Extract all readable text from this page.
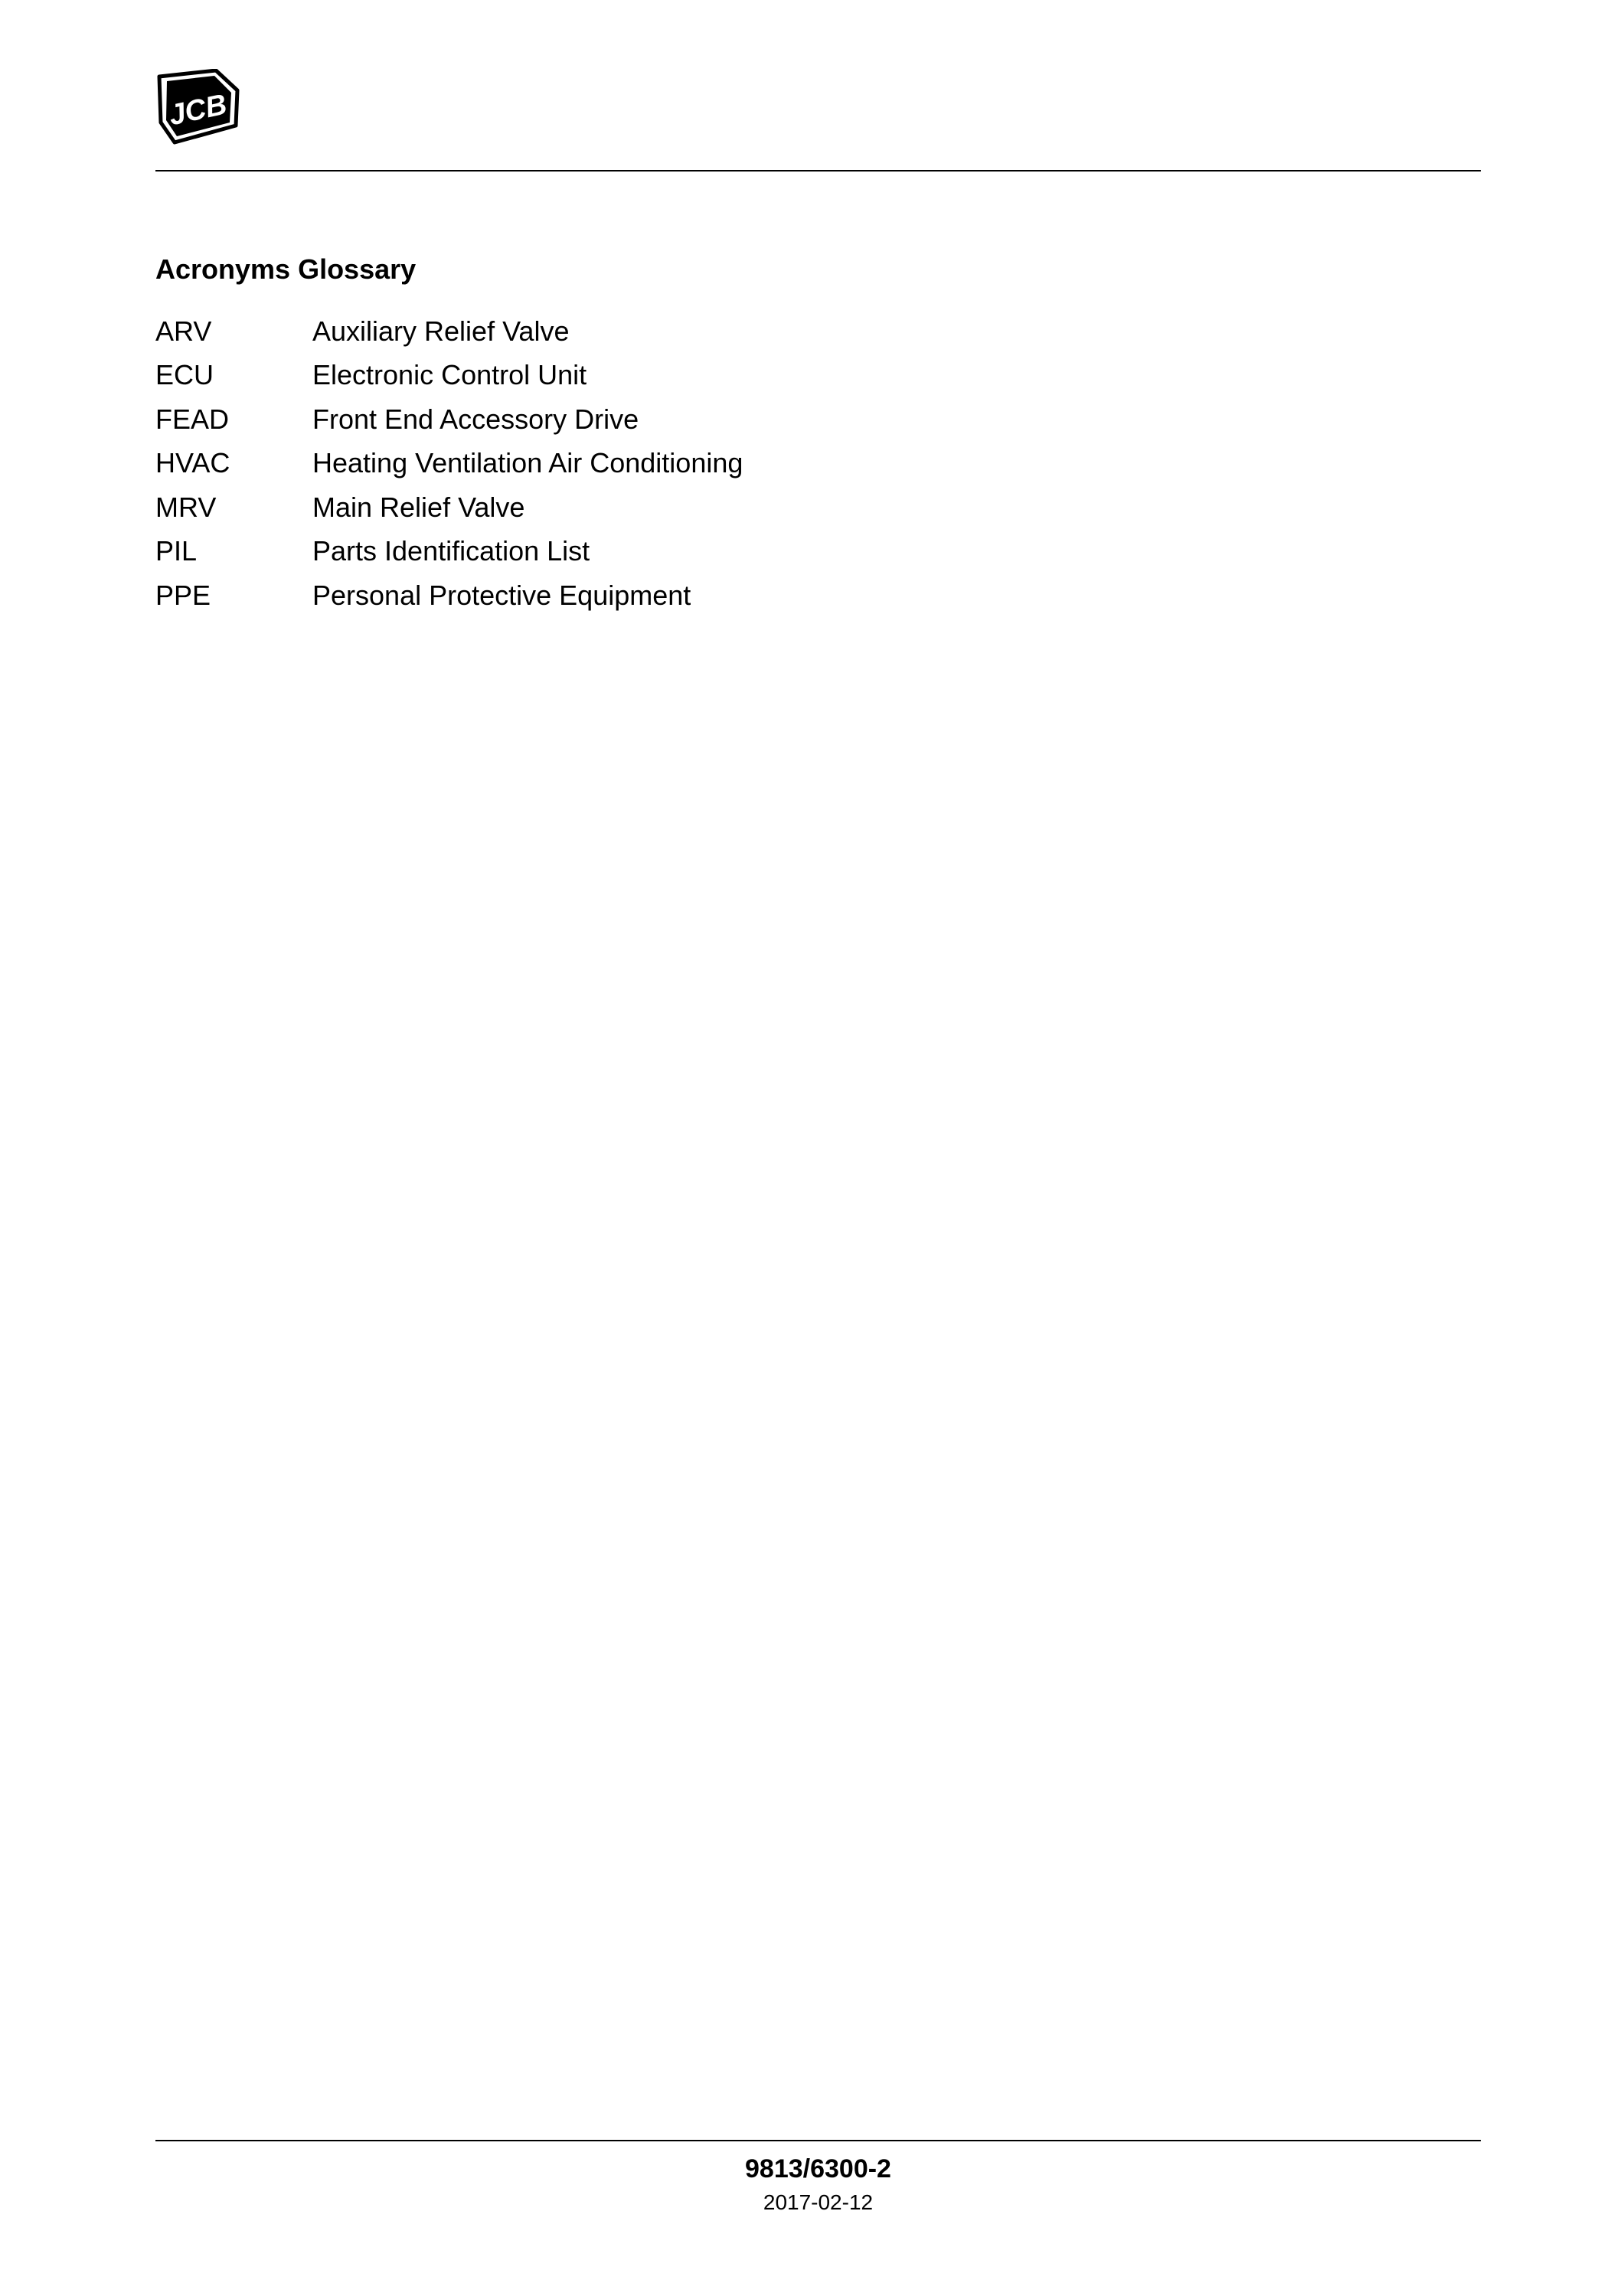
JCB
Acronyms Glossary
ARV	Auxiliary Relief Valve
ECU	Electronic Control Unit
FEAD	Front End Accessory Drive
HVAC	Heating Ventilation Air Conditioning
MRV	Main Relief Valve
PIL	Parts Identification List
PPE	Personal Protective Equipment
9813/6300-2
2017-02-12
